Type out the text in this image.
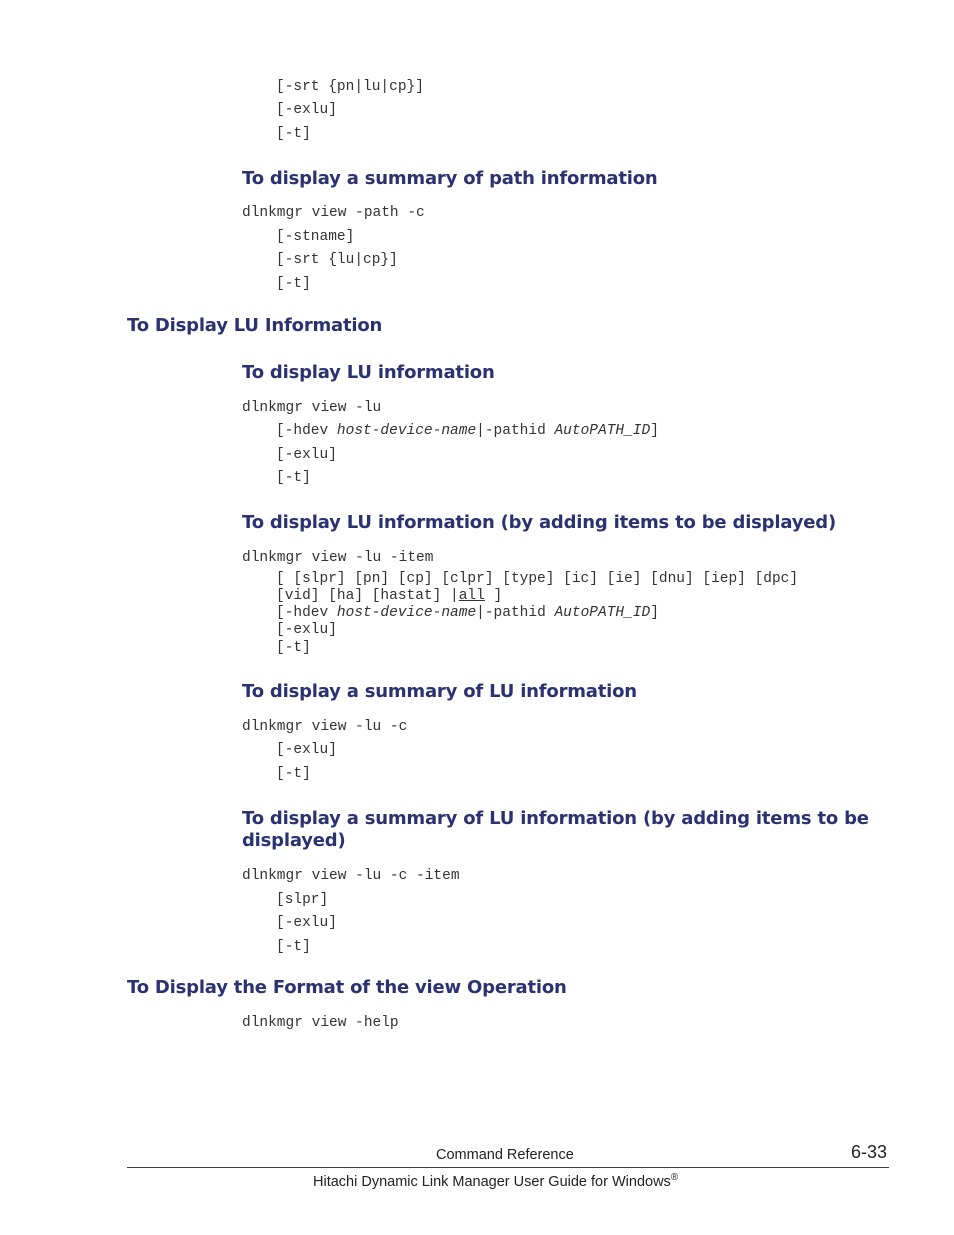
[-srt {pn|lu|cp}]
[-exlu]
[-t]
To display a summary of path information
dlnkmgr view -path -c
[-stname]
[-srt {lu|cp}]
[-t]
To Display LU Information
To display LU information
dlnkmgr view -lu
[-hdev host-device-name|-pathid AutoPATH_ID]
[-exlu]
[-t]
To display LU information (by adding items to be displayed)
dlnkmgr view -lu -item
[ [slpr] [pn] [cp] [clpr] [type] [ic] [ie] [dnu] [iep] [dpc]
[vid] [ha] [hastat] |all ]
[-hdev host-device-name|-pathid AutoPATH_ID]
[-exlu]
[-t]
To display a summary of LU information
dlnkmgr view -lu -c
[-exlu]
[-t]
To display a summary of LU information (by adding items to be
displayed)
dlnkmgr view -lu -c -item
[slpr]
[-exlu]
[-t]
To Display the Format of the view Operation
dlnkmgr view -help
Command Reference	6-33
Hitachi Dynamic Link Manager User Guide for Windows®
